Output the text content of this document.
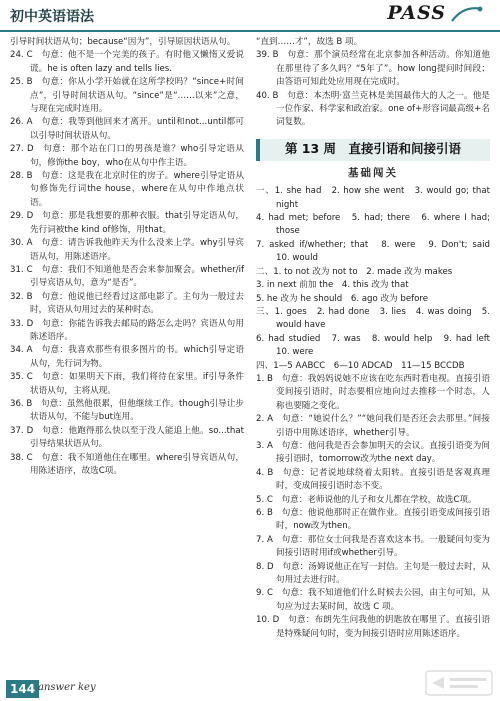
初中英语语法	PASS

引导时间状语从句；because“因为”，引导原因状语从句。

24. C　句意：他不是一个完美的孩子。有时他又懒惰又爱说谎。he is often lazy and tells lies.

25. B　句意：你从小学开始就在这所学校吗？“since+时间点”，引导时间状语从句。“since”是“……以来”之意，与现在完成时连用。

26. A　句意：我等到他回来才离开。until和not...until都可以引导时间状语从句。

27. D　句意：那个站在门口的男孩是谁？who引导定语从句，修饰the boy，who在从句中作主语。

28. B　句意：这是我在北京时住的房子。where引导定语从句修饰先行词the house，where在从句中作地点状语。

29. D　句意：那是我想要的那种衣服。that引导定语从句，先行词被the kind of修饰，用that。

30. A　句意：请告诉我他昨天为什么没来上学。why引导宾语从句，用陈述语序。

31. C　句意：我们不知道他是否会来参加聚会。whether/if引导宾语从句，意为“是否”。

32. B　句意：他说他已经看过这部电影了。主句为一般过去时，宾语从句用过去的某种时态。

33. D　句意：你能告诉我去邮局的路怎么走吗？宾语从句用陈述语序。

34. A　句意：我喜欢那些有很多图片的书。which引导定语从句，先行词为物。

35. C　句意：如果明天下雨，我们将待在家里。if引导条件状语从句，主将从现。

36. B　句意：虽然他很累，但他继续工作。though引导让步状语从句，不能与but连用。

37. D　句意：他跑得那么快以至于没人能追上他。so...that引导结果状语从句。

38. C　句意：我不知道他住在哪里。where引导宾语从句，用陈述语序，故选C项。

“直到……才”，故选 B 项。

39. B　句意：那个演员经常在北京参加各种活动。你知道他在那里待了多久吗？“5年了”。how long提问时间段；由答语可知此处应用现在完成时。

40. B　句意：本杰明·富兰克林是美国最伟大的人之一。他是一位作家、科学家和政治家。one of+形容词最高级+名词复数。

第 13 周　直接引语和间接引语
基础闯关

一、1. she had　2. how she went　3. would go; that night

4. had met; before　5. had; there　6. where I had; those

7. asked if/whether; that　8. were　9. Don't; said　10. would

二、1. to not 改为 not to　2. made 改为 makes

3. in next 前加 the　4. this 改为 that

5. he 改为 he should　6. ago 改为 before

三、1. goes　2. had done　3. lies　4. was doing　5. would have

6. had studied　7. was　8. would help　9. had left　10. were

四、1—5 AABCC　6—10 ADCAD　11—15 BCCDB

1. B　句意：我妈妈说她不应该在吃东西时看电视。直接引语变间接引语时，时态要相应地向过去推移一个时态，人称也要随之变化。

2. A　句意：“她说什么？”“她问我们是否还会去那里。”间接引语中用陈述语序，whether引导。

3. A　句意：他问我是否会参加明天的会议。直接引语变为间接引语时，tomorrow改为the next day。

4. B　句意：记者说地球绕着太阳转。直接引语是客观真理时，变成间接引语时态不变。

5. C　句意：老师说他的儿子和女儿都在学校，故选C项。

6. B　句意：他说他那时正在做作业。直接引语变成间接引语时，now改为then。

7. A　句意：那位女士问我是否喜欢这本书。一般疑问句变为间接引语时用if或whether引导。

8. D　句意：汤姆说他正在写一封信。主句是一般过去时，从句用过去进行时。

9. C　句意：我不知道他们什么时候去公园，由主句可知，从句应为过去某时间，故选 C 项。

10. D　句意：布朗先生问我他的钥匙放在哪里了。直接引语是特殊疑问句时，变为间接引语时应用陈述语序。

144 answer key
